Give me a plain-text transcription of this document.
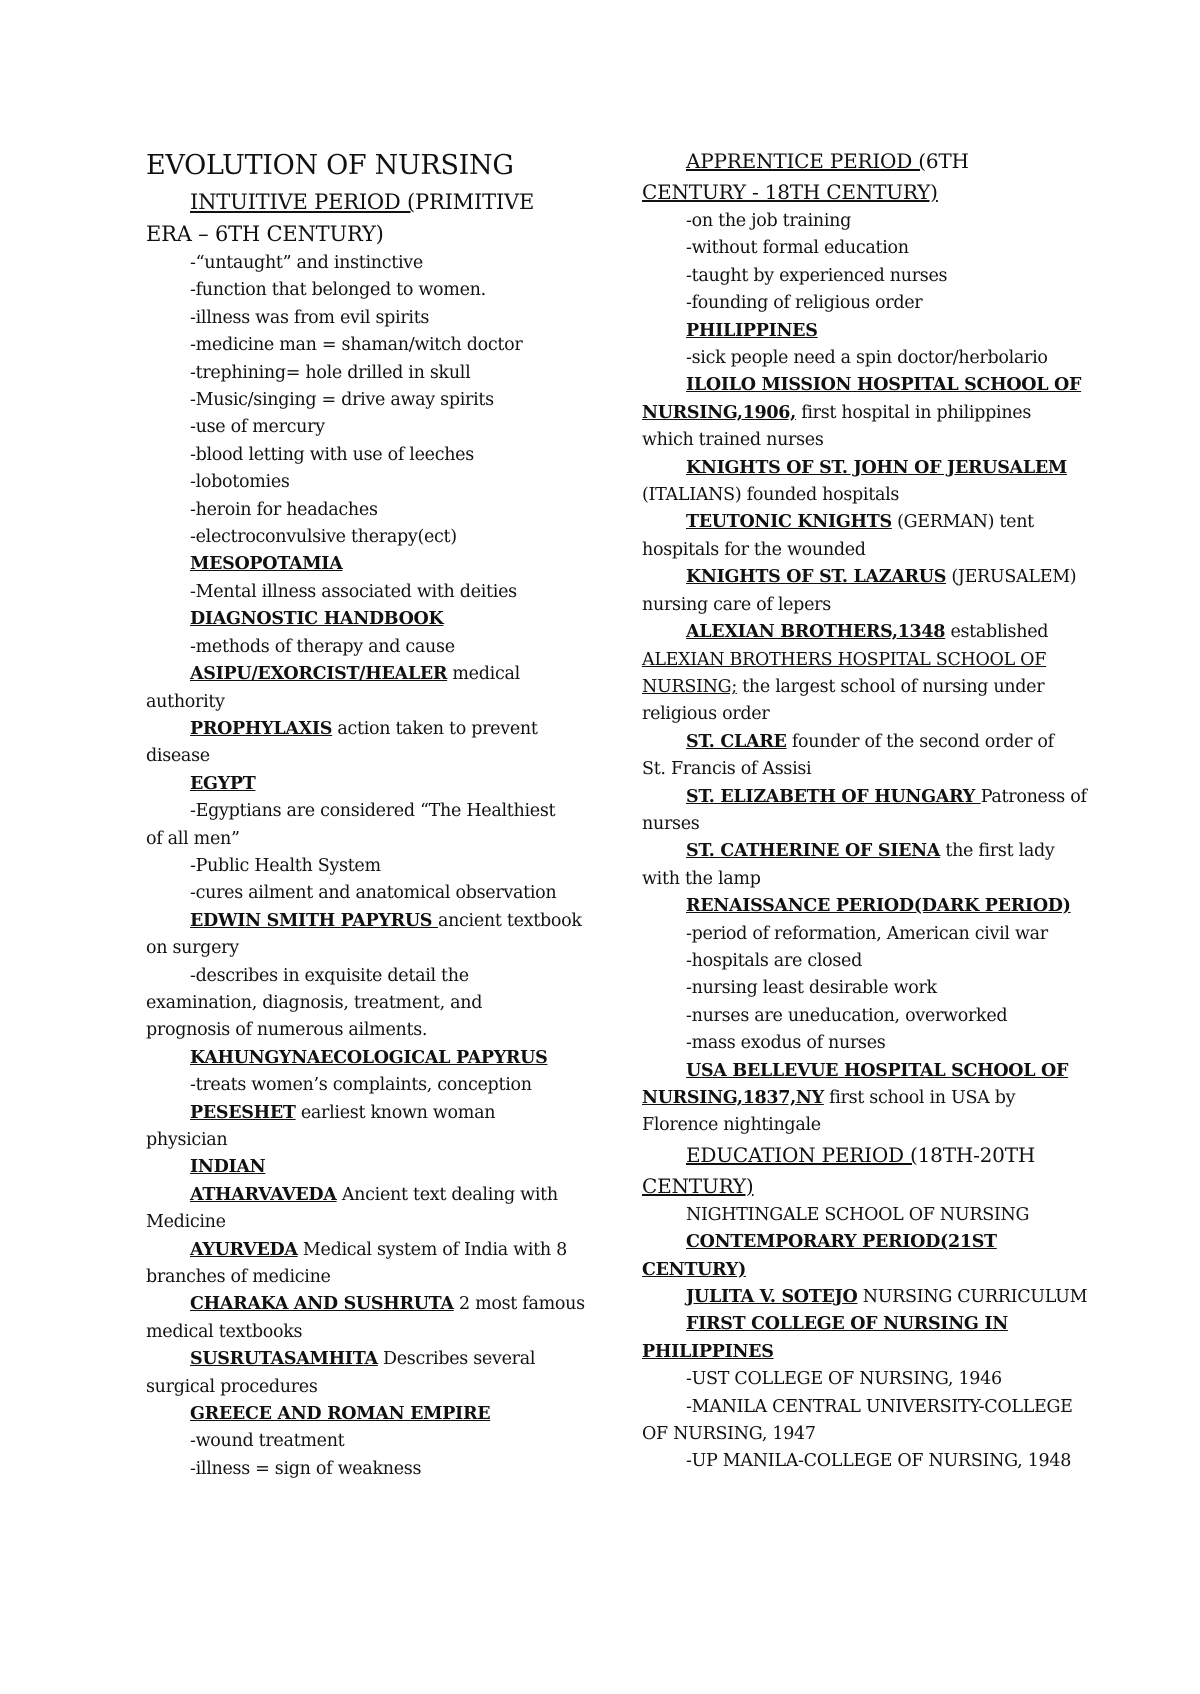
EVOLUTION OF NURSING
INTUITIVE PERIOD (PRIMITIVE
ERA – 6TH CENTURY)
-“untaught” and instinctive
-function that belonged to women.
-illness was from evil spirits
-medicine man = shaman/witch doctor
-trephining= hole drilled in skull
-Music/singing = drive away spirits
-use of mercury
-blood letting with use of leeches
-lobotomies
-heroin for headaches
-electroconvulsive therapy(ect)
MESOPOTAMIA
-Mental illness associated with deities
DIAGNOSTIC HANDBOOK
-methods of therapy and cause
ASIPU/EXORCIST/HEALER medical
authority
PROPHYLAXIS action taken to prevent
disease
EGYPT
-Egyptians are considered “The Healthiest
of all men”
-Public Health System
-cures ailment and anatomical observation
EDWIN SMITH PAPYRUS ancient textbook
on surgery
-describes in exquisite detail the
examination, diagnosis, treatment, and
prognosis of numerous ailments.
KAHUNGYNAECOLOGICAL PAPYRUS
-treats women’s complaints, conception
PESESHET earliest known woman
physician
INDIAN
ATHARVAVEDA Ancient text dealing with
Medicine
AYURVEDA Medical system of India with 8
branches of medicine
CHARAKA AND SUSHRUTA 2 most famous
medical textbooks
SUSRUTASAMHITA Describes several
surgical procedures
GREECE AND ROMAN EMPIRE
-wound treatment
-illness = sign of weakness
APPRENTICE PERIOD (6TH
CENTURY - 18TH CENTURY)
-on the job training
-without formal education
-taught by experienced nurses
-founding of religious order
PHILIPPINES
-sick people need a spin doctor/herbolario
ILOILO MISSION HOSPITAL SCHOOL OF
NURSING,1906, first hospital in philippines
which trained nurses
KNIGHTS OF ST. JOHN OF JERUSALEM
(ITALIANS) founded hospitals
TEUTONIC KNIGHTS (GERMAN) tent
hospitals for the wounded
KNIGHTS OF ST. LAZARUS (JERUSALEM)
nursing care of lepers
ALEXIAN BROTHERS,1348 established
ALEXIAN BROTHERS HOSPITAL SCHOOL OF
NURSING; the largest school of nursing under
religious order
ST. CLARE founder of the second order of
St. Francis of Assisi
ST. ELIZABETH OF HUNGARY Patroness of
nurses
ST. CATHERINE OF SIENA the first lady
with the lamp
RENAISSANCE PERIOD(DARK PERIOD)
-period of reformation, American civil war
-hospitals are closed
-nursing least desirable work
-nurses are uneducation, overworked
-mass exodus of nurses
USA BELLEVUE HOSPITAL SCHOOL OF
NURSING,1837,NY first school in USA by
Florence nightingale
EDUCATION PERIOD (18TH-20TH
CENTURY)
NIGHTINGALE SCHOOL OF NURSING
CONTEMPORARY PERIOD(21ST
CENTURY)
JULITA V. SOTEJO NURSING CURRICULUM
FIRST COLLEGE OF NURSING IN
PHILIPPINES
-UST COLLEGE OF NURSING, 1946
-MANILA CENTRAL UNIVERSITY-COLLEGE
OF NURSING, 1947
-UP MANILA-COLLEGE OF NURSING, 1948
